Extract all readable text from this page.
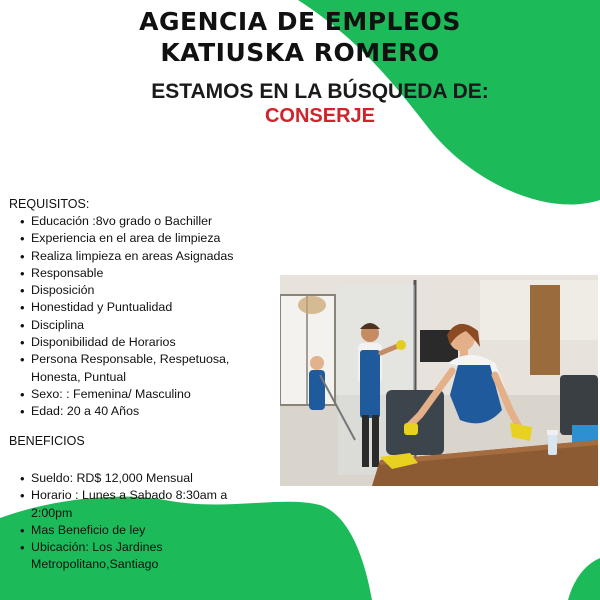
AGENCIA DE EMPLEOS
KATIUSKA ROMERO
ESTAMOS EN LA BÚSQUEDA DE:
CONSERJE
REQUISITOS:
• Educación :8vo grado o Bachiller
• Experiencia en el area de limpieza
• Realiza limpieza en areas Asignadas
• Responsable
• Disposición
• Honestidad y Puntualidad
• Disciplina
• Disponibilidad de Horarios
• Persona Responsable, Respetuosa, Honesta, Puntual
• Sexo: : Femenina/ Masculino
• Edad: 20 a 40 Años
BENEFICIOS
• Sueldo: RD$ 12,000 Mensual
• Horario : Lunes a Sabado 8:30am a 2:00pm
• Mas Beneficio de ley
• Ubicación: Los Jardines Metropolitano,Santiago
